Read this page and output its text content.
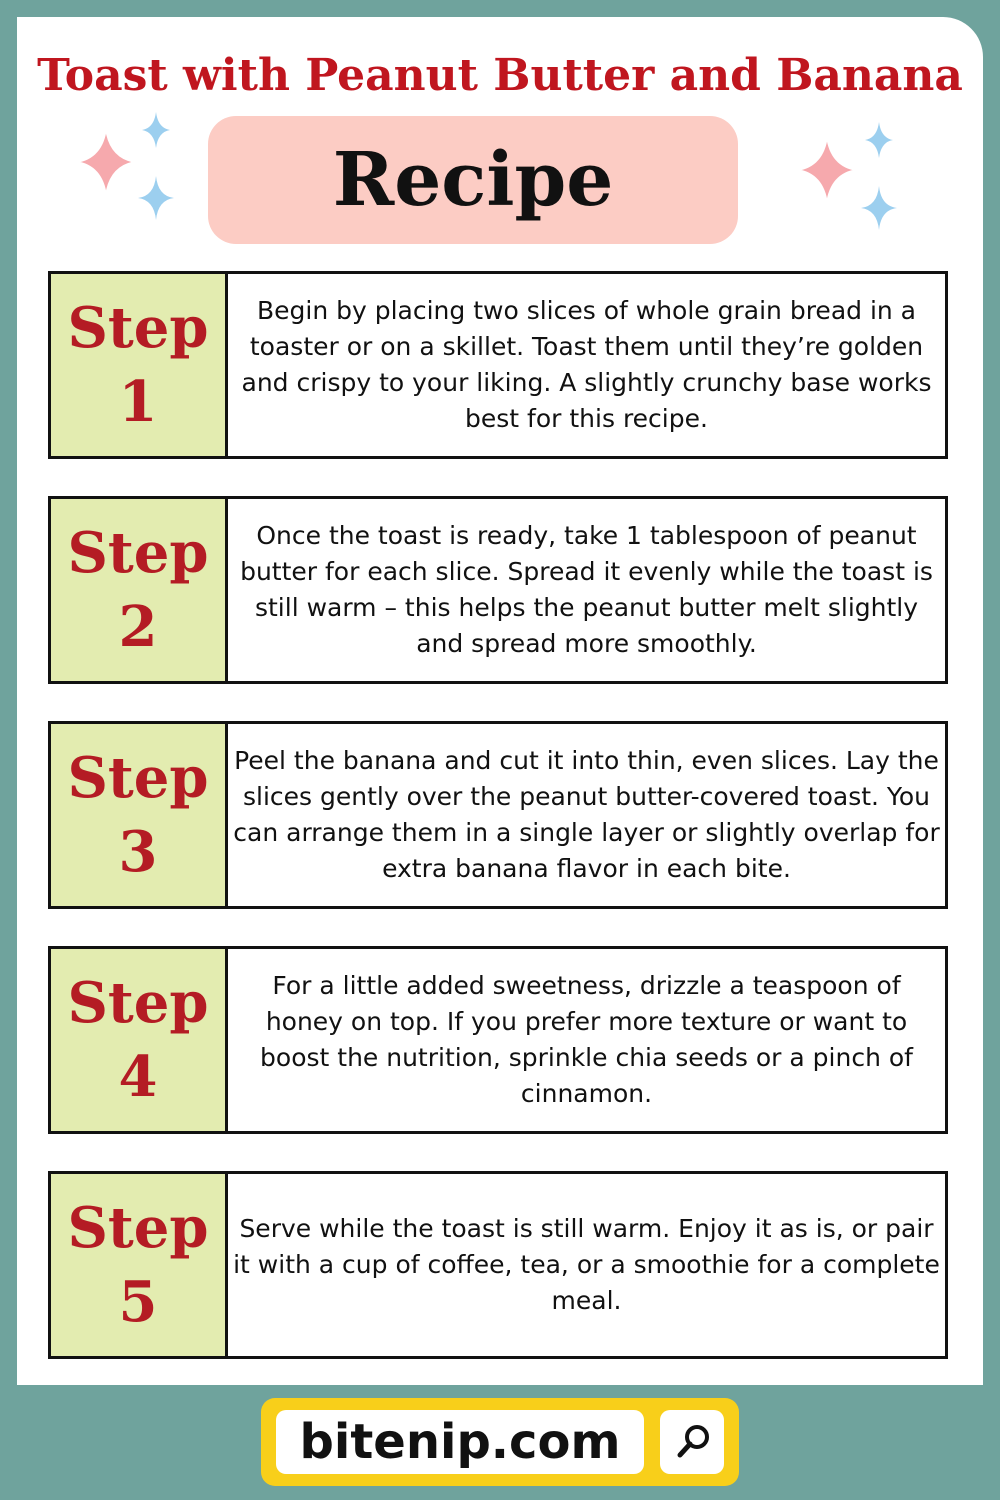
Toast with Peanut Butter and Banana
Recipe
Step
1
Begin by placing two slices of whole grain bread in a toaster or on a skillet. Toast them until they’re golden and crispy to your liking. A slightly crunchy base works best for this recipe.
Step
2
Once the toast is ready, take 1 tablespoon of peanut butter for each slice. Spread it evenly while the toast is still warm – this helps the peanut butter melt slightly and spread more smoothly.
Step
3
Peel the banana and cut it into thin, even slices. Lay the slices gently over the peanut butter-covered toast. You can arrange them in a single layer or slightly overlap for extra banana flavor in each bite.
Step
4
For a little added sweetness, drizzle a teaspoon of honey on top. If you prefer more texture or want to boost the nutrition, sprinkle chia seeds or a pinch of cinnamon.
Step
5
Serve while the toast is still warm. Enjoy it as is, or pair it with a cup of coffee, tea, or a smoothie for a complete meal.
bitenip.com
